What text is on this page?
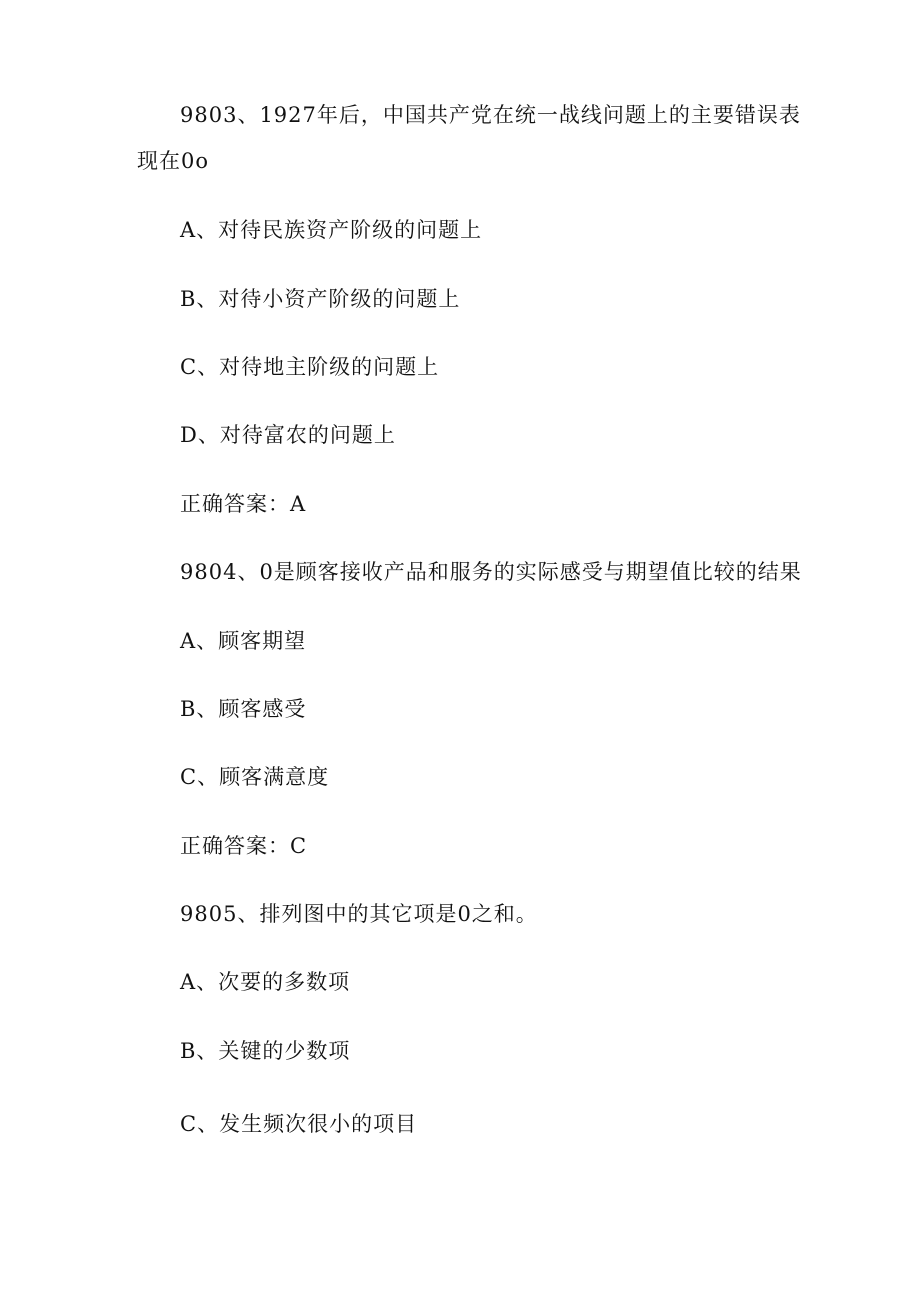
9803、1927年后，中国共产党在统一战线问题上的主要错误表
现在0o
A、对待民族资产阶级的问题上
B、对待小资产阶级的问题上
C、对待地主阶级的问题上
D、对待富农的问题上
正确答案：A
9804、0是顾客接收产品和服务的实际感受与期望值比较的结果
A、顾客期望
B、顾客感受
C、顾客满意度
正确答案：C
9805、排列图中的其它项是0之和。
A、次要的多数项
B、关键的少数项
C、发生频次很小的项目
